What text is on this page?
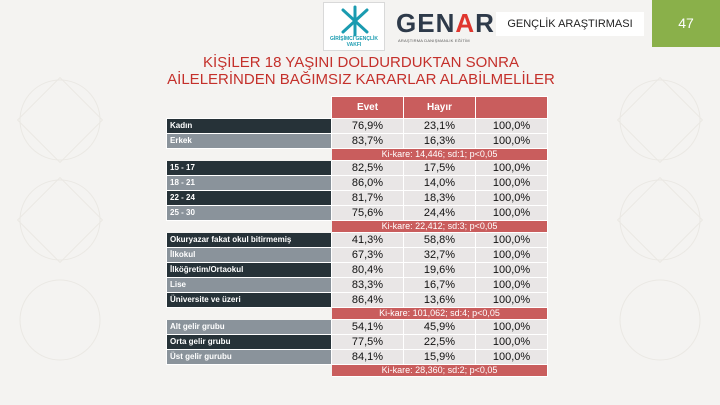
GİRİŞİMCİ GENÇLİK VAKFI
GENAR
ARAŞTIRMA DANIŞMANLIK EĞİTİM
GENÇLİK ARAŞTIRMASI	47
KİŞİLER 18 YAŞINI DOLDURDUKTAN SONRA
AİLELERİNDEN BAĞIMSIZ KARARLAR ALABİLMELİLER
	Evet	Hayır	
Kadın	76,9%	23,1%	100,0%
Erkek	83,7%	16,3%	100,0%
	Ki-kare: 14,446; sd:1; p<0,05		
15 - 17	82,5%	17,5%	100,0%
18 - 21	86,0%	14,0%	100,0%
22 - 24	81,7%	18,3%	100,0%
25 - 30	75,6%	24,4%	100,0%
	Ki-kare: 22,412; sd:3; p<0,05		
Okuryazar fakat okul bitirmemiş	41,3%	58,8%	100,0%
İlkokul	67,3%	32,7%	100,0%
İlköğretim/Ortaokul	80,4%	19,6%	100,0%
Lise	83,3%	16,7%	100,0%
Üniversite ve üzeri	86,4%	13,6%	100,0%
	Ki-kare: 101,062; sd:4; p<0,05		
Alt gelir grubu	54,1%	45,9%	100,0%
Orta gelir grubu	77,5%	22,5%	100,0%
Üst gelir gurubu	84,1%	15,9%	100,0%
	Ki-kare: 28,360; sd:2; p<0,05		
